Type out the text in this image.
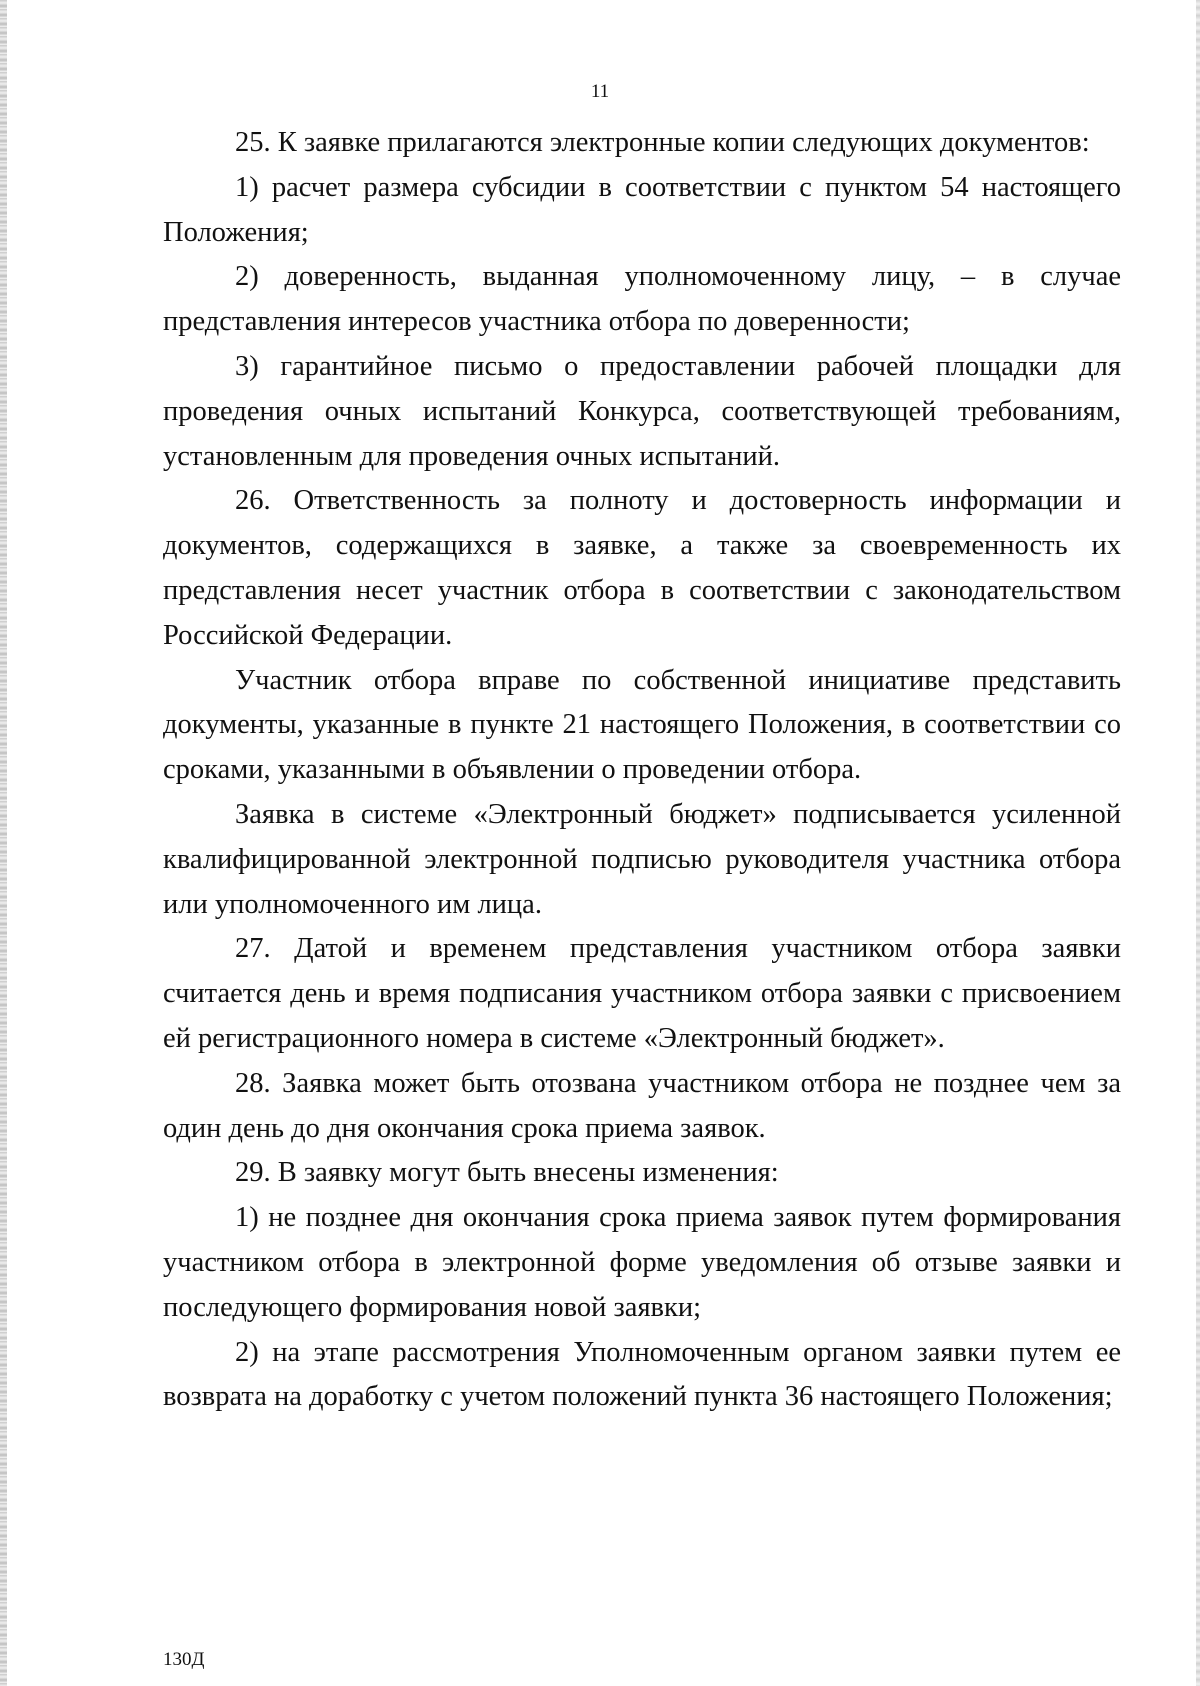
11

25. К заявке прилагаются электронные копии следующих документов:

1) расчет размера субсидии в соответствии с пунктом 54 настоящего Положения;

2) доверенность, выданная уполномоченному лицу, – в случае представления интересов участника отбора по доверенности;

3) гарантийное письмо о предоставлении рабочей площадки для проведения очных испытаний Конкурса, соответствующей требованиям, установленным для проведения очных испытаний.

26. Ответственность за полноту и достоверность информации и документов, содержащихся в заявке, а также за своевременность их представления несет участник отбора в соответствии с законодательством Российской Федерации.

Участник отбора вправе по собственной инициативе представить документы, указанные в пункте 21 настоящего Положения, в соответствии со сроками, указанными в объявлении о проведении отбора.

Заявка в системе «Электронный бюджет» подписывается усиленной квалифицированной электронной подписью руководителя участника отбора или уполномоченного им лица.

27. Датой и временем представления участником отбора заявки считается день и время подписания участником отбора заявки с присвоением ей регистрационного номера в системе «Электронный бюджет».

28. Заявка может быть отозвана участником отбора не позднее чем за один день до дня окончания срока приема заявок.

29. В заявку могут быть внесены изменения:

1) не позднее дня окончания срока приема заявок путем формирования участником отбора в электронной форме уведомления об отзыве заявки и последующего формирования новой заявки;

2) на этапе рассмотрения Уполномоченным органом заявки путем ее возврата на доработку с учетом положений пункта 36 настоящего Положения;

130Д
